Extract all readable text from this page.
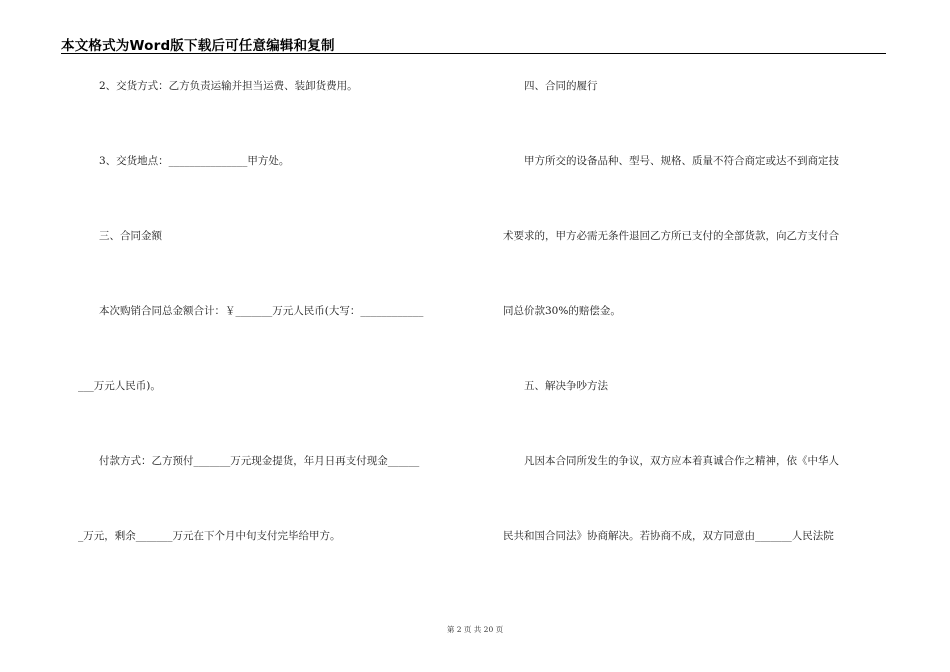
本文格式为Word版下载后可任意编辑和复制
2、交货方式：乙方负责运输并担当运费、装卸货费用。
3、交货地点：_______________甲方处。
三、合同金额
本次购销合同总金额合计：￥_______万元人民币(大写：____________
___万元人民币)。
付款方式：乙方预付_______万元现金提货，年月日再支付现金______
_万元，剩余_______万元在下个月中旬支付完毕给甲方。
四、合同的履行
甲方所交的设备品种、型号、规格、质量不符合商定或达不到商定技
术要求的，甲方必需无条件退回乙方所已支付的全部货款，向乙方支付合
同总价款30%的赔偿金。
五、解决争吵方法
凡因本合同所发生的争议，双方应本着真诚合作之精神，依《中华人
民共和国合同法》协商解决。若协商不成，双方同意由_______人民法院
第 2 页 共 20 页
